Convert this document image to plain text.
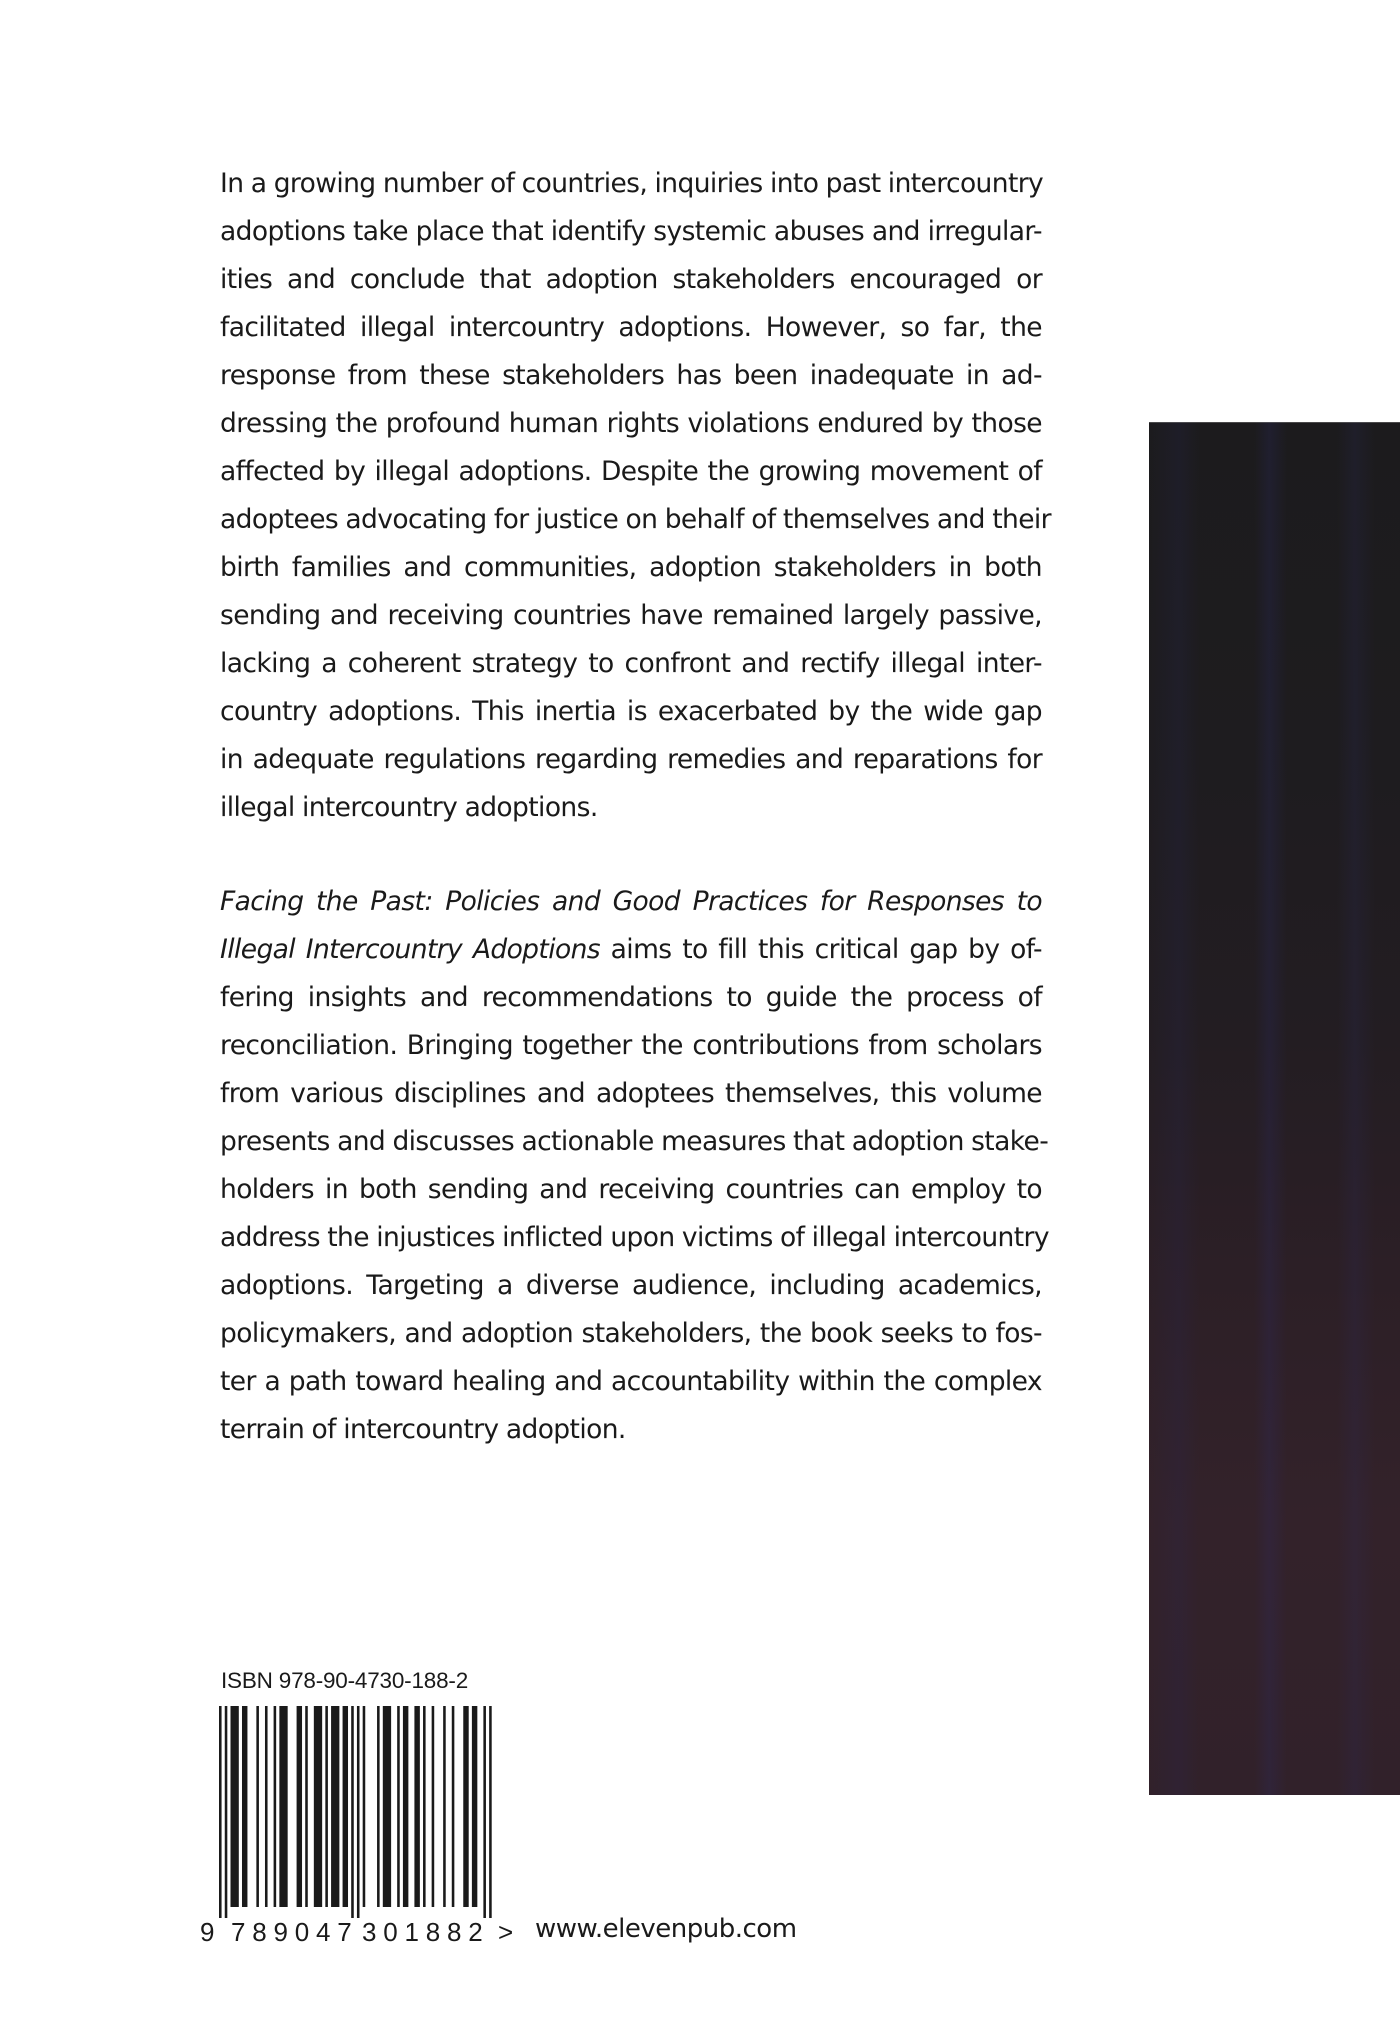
In a growing number of countries, inquiries into past intercountry
adoptions take place that identify systemic abuses and irregular-
ities and conclude that adoption stakeholders encouraged or
facilitated illegal intercountry adoptions. However, so far, the
response from these stakeholders has been inadequate in ad-
dressing the profound human rights violations endured by those
affected by illegal adoptions. Despite the growing movement of
adoptees advocating for justice on behalf of themselves and their
birth families and communities, adoption stakeholders in both
sending and receiving countries have remained largely passive,
lacking a coherent strategy to confront and rectify illegal inter-
country adoptions. This inertia is exacerbated by the wide gap
in adequate regulations regarding remedies and reparations for
illegal intercountry adoptions.
Facing the Past: Policies and Good Practices for Responses to
Illegal Intercountry Adoptions aims to fill this critical gap by of-
fering insights and recommendations to guide the process of
reconciliation. Bringing together the contributions from scholars
from various disciplines and adoptees themselves, this volume
presents and discusses actionable measures that adoption stake-
holders in both sending and receiving countries can employ to
address the injustices inflicted upon victims of illegal intercountry
adoptions. Targeting a diverse audience, including academics,
policymakers, and adoption stakeholders, the book seeks to fos-
ter a path toward healing and accountability within the complex
terrain of intercountry adoption.
ISBN 978-90-4730-188-2
9 789047 301882 > www.elevenpub.com
